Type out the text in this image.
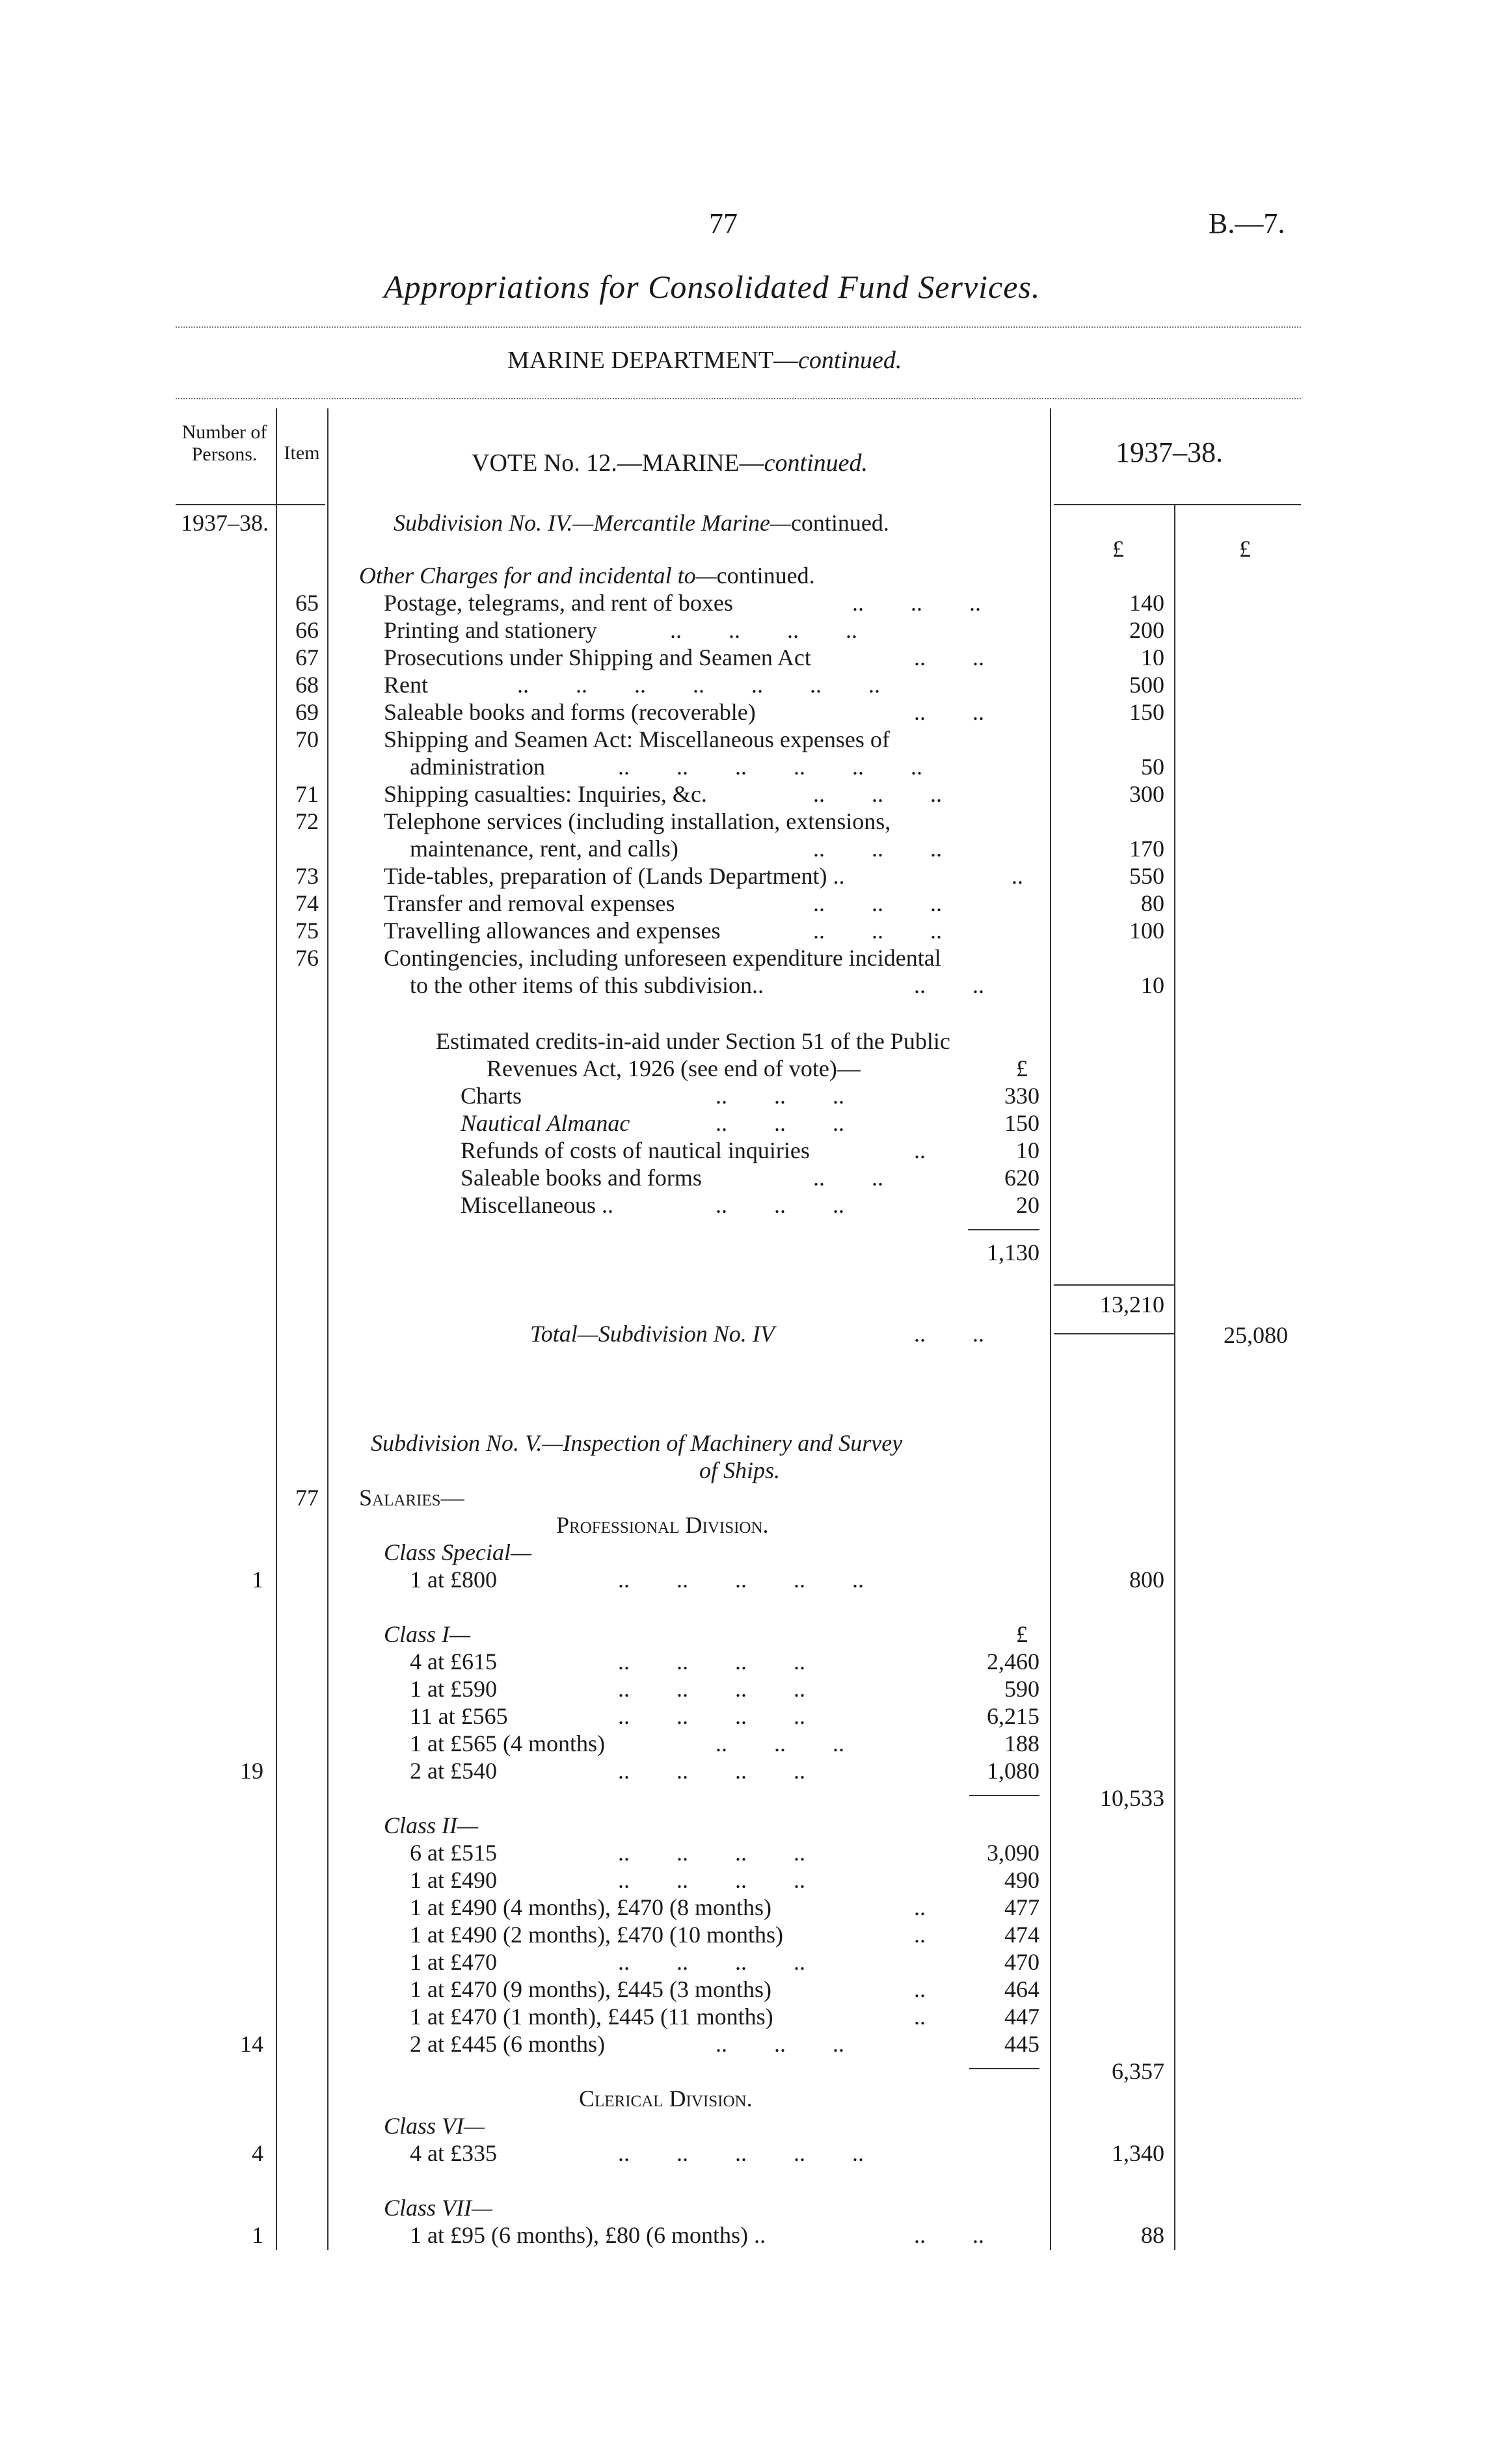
77	B.—7.
Appropriations for Consolidated Fund Services.
MARINE DEPARTMENT—continued.
Number of Persons.	Item	VOTE No. 12.—MARINE—continued.	1937–38.
1937–38.	Subdivision No. IV.—Mercantile Marine—continued.
£	£
Other Charges for and incidental to—continued.
65	Postage, telegrams, and rent of boxes	..  ..  ..	140
66	Printing and stationery	..  ..  ..  ..	200
67	Prosecutions under Shipping and Seamen Act	..  ..	10
68	Rent	..  ..  ..  ..  ..  ..  ..	500
69	Saleable books and forms (recoverable)	..  ..	150
70	Shipping and Seamen Act: Miscellaneous expenses of
administration	..  ..  ..  ..  ..  ..	50
71	Shipping casualties: Inquiries, &c.	..  ..  ..	300
72	Telephone services (including installation, extensions,
maintenance, rent, and calls)	..  ..  ..	170
73	Tide-tables, preparation of (Lands Department) ..	..	550
74	Transfer and removal expenses	..  ..  ..	80
75	Travelling allowances and expenses	..  ..  ..	100
76	Contingencies, including unforeseen expenditure incidental
to the other items of this subdivision..	..  ..	10
Estimated credits-in-aid under Section 51 of the Public
Revenues Act, 1926 (see end of vote)—	£
Charts	..  ..  ..	330
Nautical Almanac	..  ..  ..	150
Refunds of costs of nautical inquiries	..	10
Saleable books and forms	..  ..	620
Miscellaneous ..	..  ..  ..	20
1,130
13,210
Total—Subdivision No. IV	..  ..	25,080
Subdivision No. V.—Inspection of Machinery and Survey
of Ships.
77 Salaries—
Professional Division.
Class Special—
1	1 at £800	..  ..  ..  ..  ..	800
Class I—	£
4 at £615	..  ..  ..  ..	2,460
1 at £590	..  ..  ..  ..	590
11 at £565	..  ..  ..  ..	6,215
1 at £565 (4 months)	..  ..  ..	188
19	2 at £540	..  ..  ..  ..	1,080
10,533
Class II—
6 at £515	..  ..  ..  ..	3,090
1 at £490	..  ..  ..  ..	490
1 at £490 (4 months), £470 (8 months)	..	477
1 at £490 (2 months), £470 (10 months)	..	474
1 at £470	..  ..  ..  ..	470
1 at £470 (9 months), £445 (3 months)	..	464
1 at £470 (1 month), £445 (11 months)	..	447
14	2 at £445 (6 months)	..  ..  ..	445
6,357
Clerical Division.
Class VI—
4	4 at £335	..  ..  ..  ..  ..	1,340
Class VII—
1	1 at £95 (6 months), £80 (6 months) ..	..  ..	88
